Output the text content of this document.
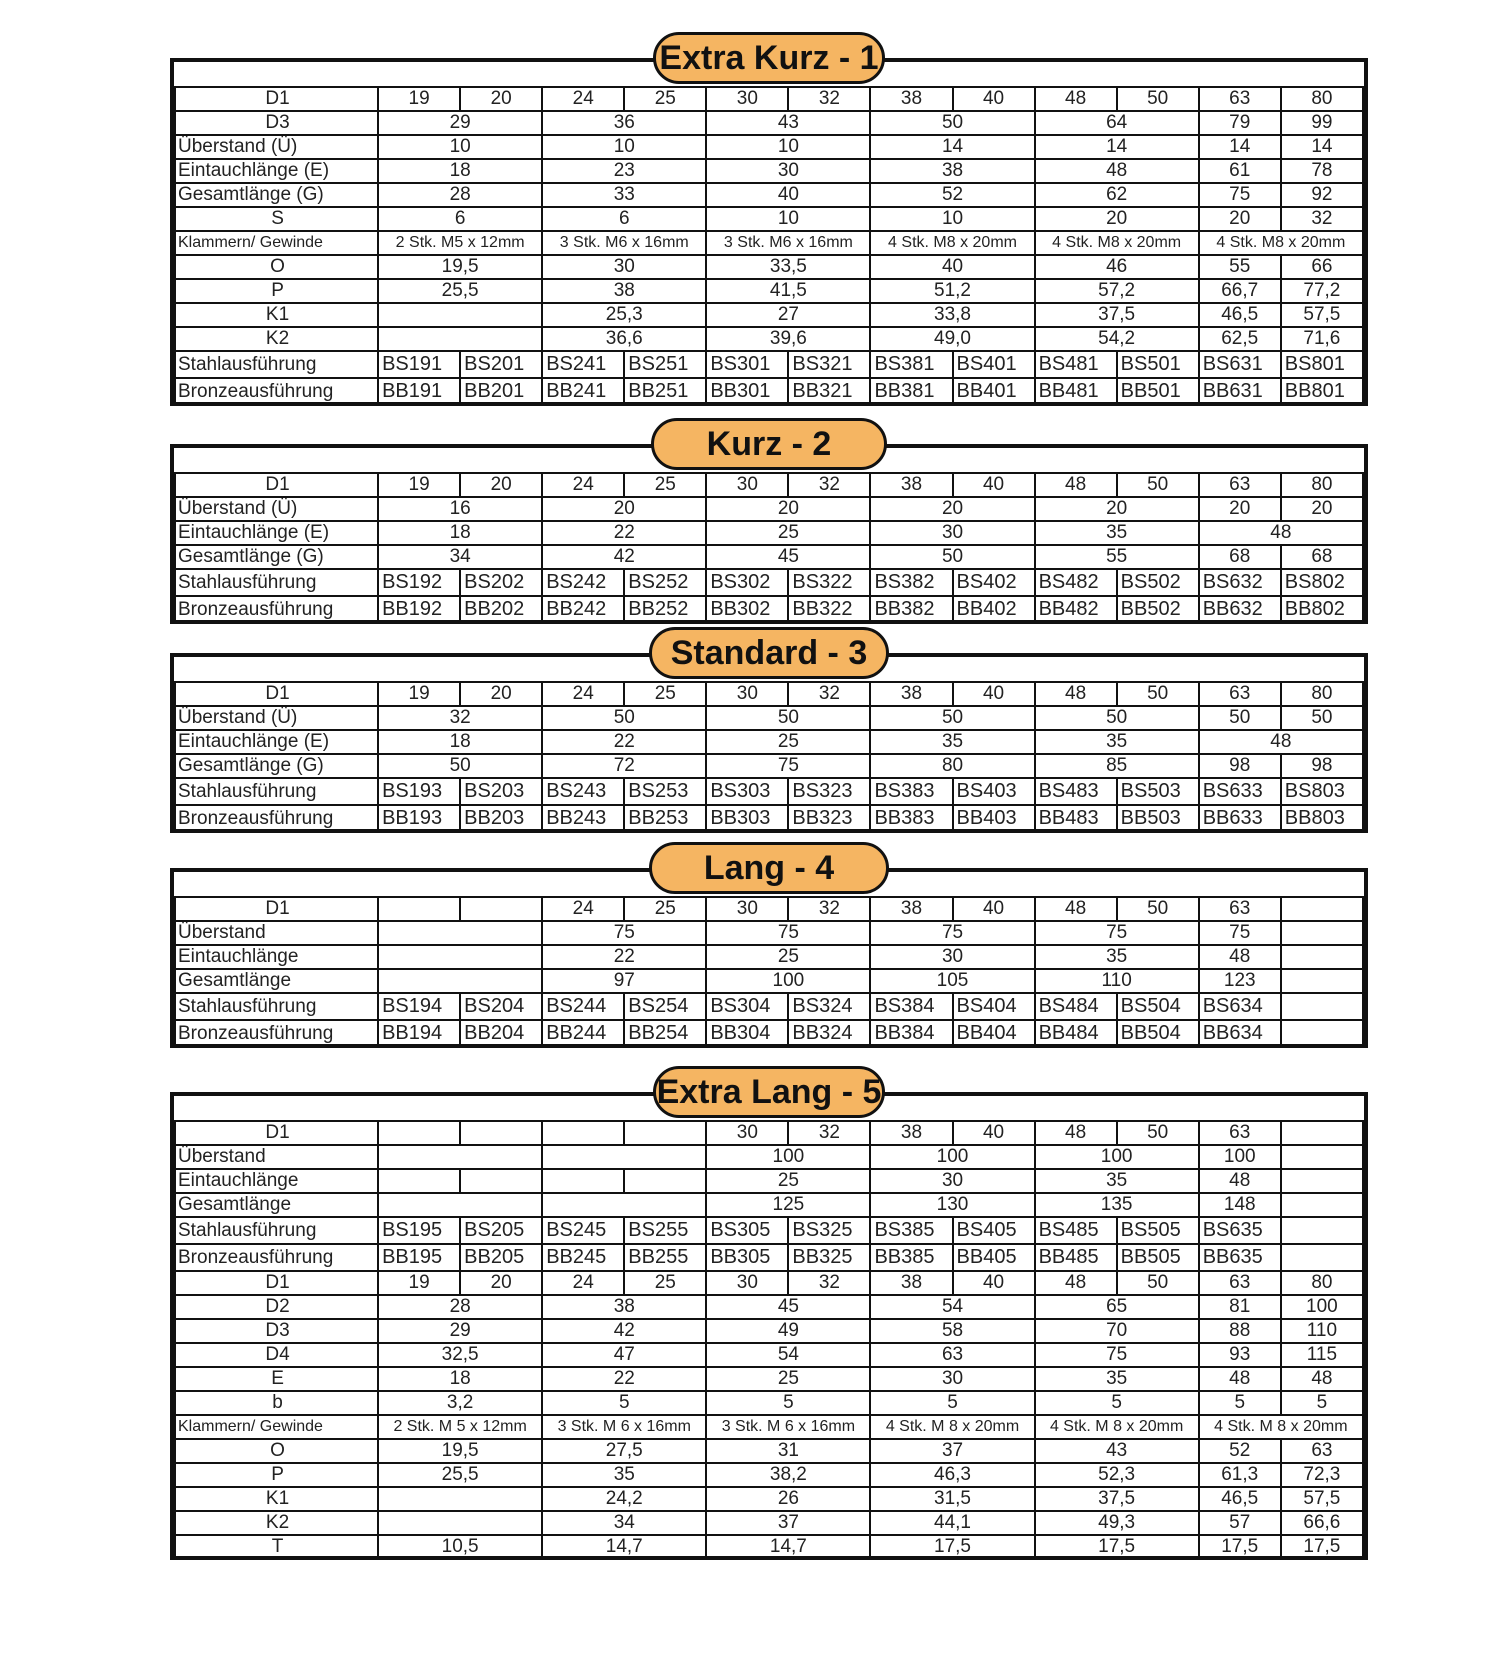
Extra Kurz - 1
D1	19	20	24	25	30	32	38	40	48	50	63	80
D3	29		36		43		50		64		79	99
Überstand (Ü)	10		10		10		14		14		14	14
Eintauchlänge (E)	18		23		30		38		48		61	78
Gesamtlänge (G)	28		33		40		52		62		75	92
S	6		6		10		10		20		20	32
Klammern/ Gewinde	2 Stk. M5 x 12mm		3 Stk. M6 x 16mm		3 Stk. M6 x 16mm		4 Stk. M8 x 20mm		4 Stk. M8 x 20mm		4 Stk. M8 x 20mm	
O	19,5		30		33,5		40		46		55	66
P	25,5		38		41,5		51,2		57,2		66,7	77,2
K1			25,3		27		33,8		37,5		46,5	57,5
K2			36,6		39,6		49,0		54,2		62,5	71,6
Stahlausführung	BS191	BS201	BS241	BS251	BS301	BS321	BS381	BS401	BS481	BS501	BS631	BS801
Bronzeausführung	BB191	BB201	BB241	BB251	BB301	BB321	BB381	BB401	BB481	BB501	BB631	BB801
Kurz - 2
D1	19	20	24	25	30	32	38	40	48	50	63	80
Überstand (Ü)	16		20		20		20		20		20	20
Eintauchlänge (E)	18		22		25		30		35		48	
Gesamtlänge (G)	34		42		45		50		55		68	68
Stahlausführung	BS192	BS202	BS242	BS252	BS302	BS322	BS382	BS402	BS482	BS502	BS632	BS802
Bronzeausführung	BB192	BB202	BB242	BB252	BB302	BB322	BB382	BB402	BB482	BB502	BB632	BB802
Standard - 3
D1	19	20	24	25	30	32	38	40	48	50	63	80
Überstand (Ü)	32		50		50		50		50		50	50
Eintauchlänge (E)	18		22		25		35		35		48	
Gesamtlänge (G)	50		72		75		80		85		98	98
Stahlausführung	BS193	BS203	BS243	BS253	BS303	BS323	BS383	BS403	BS483	BS503	BS633	BS803
Bronzeausführung	BB193	BB203	BB243	BB253	BB303	BB323	BB383	BB403	BB483	BB503	BB633	BB803
Lang - 4
D1			24	25	30	32	38	40	48	50	63	
Überstand			75		75		75		75		75	
Eintauchlänge			22		25		30		35		48	
Gesamtlänge			97		100		105		110		123	
Stahlausführung	BS194	BS204	BS244	BS254	BS304	BS324	BS384	BS404	BS484	BS504	BS634	
Bronzeausführung	BB194	BB204	BB244	BB254	BB304	BB324	BB384	BB404	BB484	BB504	BB634	
Extra Lang - 5
D1					30	32	38	40	48	50	63	
Überstand					100		100		100		100	
Eintauchlänge					25		30		35		48	
Gesamtlänge					125		130		135		148	
Stahlausführung	BS195	BS205	BS245	BS255	BS305	BS325	BS385	BS405	BS485	BS505	BS635	
Bronzeausführung	BB195	BB205	BB245	BB255	BB305	BB325	BB385	BB405	BB485	BB505	BB635	
D1	19	20	24	25	30	32	38	40	48	50	63	80
D2	28		38		45		54		65		81	100
D3	29		42		49		58		70		88	110
D4	32,5		47		54		63		75		93	115
E	18		22		25		30		35		48	48
b	3,2		5		5		5		5		5	5
Klammern/ Gewinde	2 Stk. M 5 x 12mm		3 Stk. M 6 x 16mm		3 Stk. M 6 x 16mm		4 Stk. M 8 x 20mm		4 Stk. M 8 x 20mm		4 Stk. M 8 x 20mm	
O	19,5		27,5		31		37		43		52	63
P	25,5		35		38,2		46,3		52,3		61,3	72,3
K1			24,2		26		31,5		37,5		46,5	57,5
K2			34		37		44,1		49,3		57	66,6
T	10,5		14,7		14,7		17,5		17,5		17,5	17,5
